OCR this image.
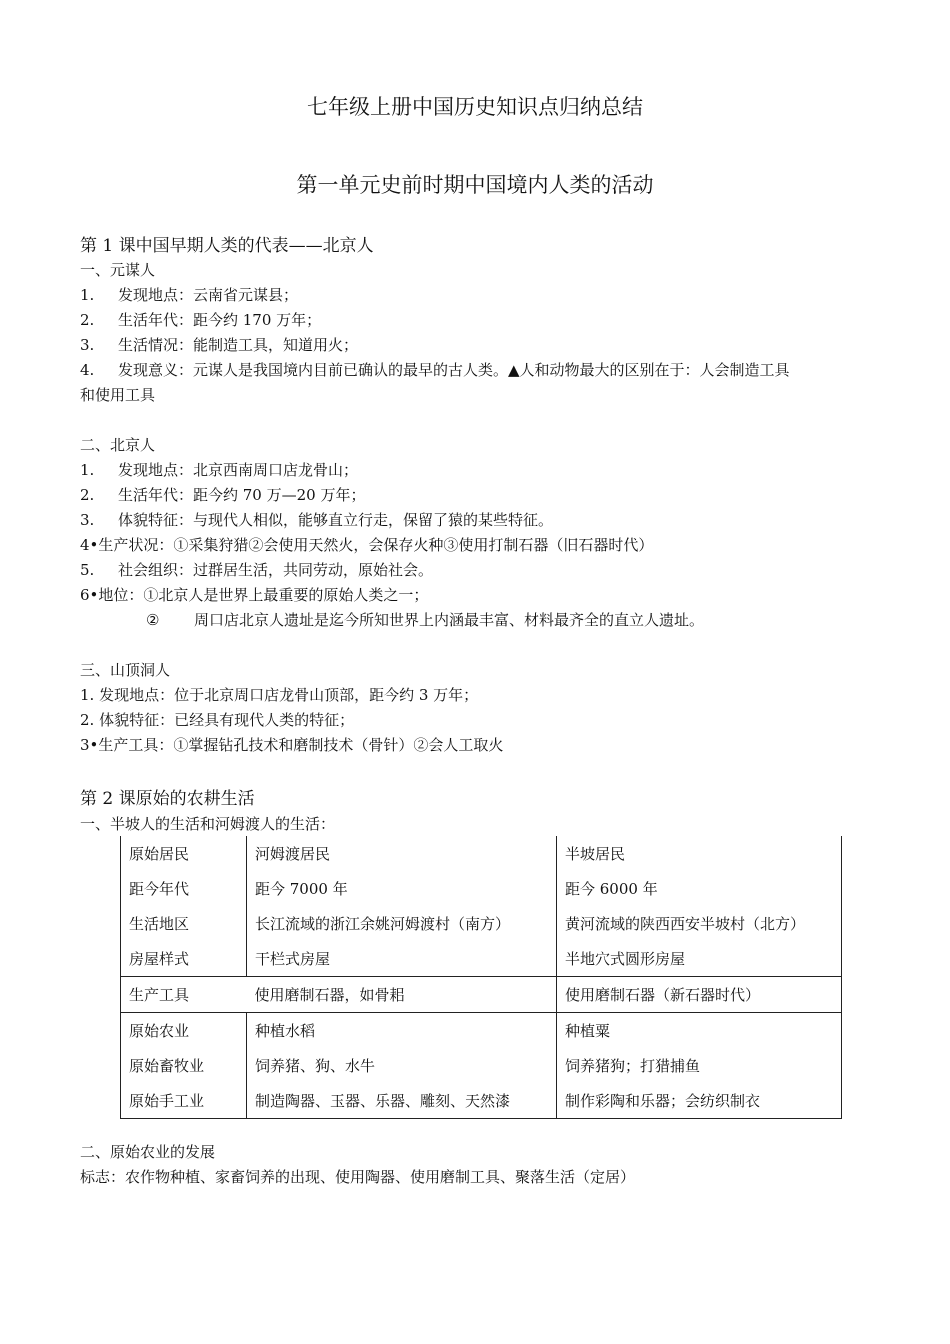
七年级上册中国历史知识点归纳总结
第一单元史前时期中国境内人类的活动
第 1 课中国早期人类的代表——北京人
一、元谋人
1. 发现地点：云南省元谋县；
2. 生活年代：距今约 170 万年；
3. 生活情况：能制造工具，知道用火；
4. 发现意义：元谋人是我国境内目前已确认的最早的古人类。▲人和动物最大的区别在于：人会制造工具
和使用工具
二、北京人
1. 发现地点：北京西南周口店龙骨山；
2. 生活年代：距今约 70 万—20 万年；
3. 体貌特征：与现代人相似，能够直立行走，保留了猿的某些特征。
4•生产状况：①采集狩猎②会使用天然火，会保存火种③使用打制石器（旧石器时代）
5. 社会组织：过群居生活，共同劳动，原始社会。
6•地位：①北京人是世界上最重要的原始人类之一；
② 周口店北京人遗址是迄今所知世界上内涵最丰富、材料最齐全的直立人遗址。
三、山顶洞人
1. 发现地点：位于北京周口店龙骨山顶部，距今约 3 万年；
2. 体貌特征：已经具有现代人类的特征；
3•生产工具：①掌握钻孔技术和磨制技术（骨针）②会人工取火
第 2 课原始的农耕生活
一、半坡人的生活和河姆渡人的生活：
原始居民	河姆渡居民	半坡居民
距今年代	距今 7000 年	距今 6000 年
生活地区	长江流域的浙江余姚河姆渡村（南方）	黄河流域的陕西西安半坡村（北方）
房屋样式	干栏式房屋	半地穴式圆形房屋
生产工具	使用磨制石器，如骨耜	使用磨制石器（新石器时代）
原始农业	种植水稻	种植粟
原始畜牧业	饲养猪、狗、水牛	饲养猪狗；打猎捕鱼
原始手工业	制造陶器、玉器、乐器、雕刻、天然漆	制作彩陶和乐器；会纺织制衣
二、原始农业的发展
标志：农作物种植、家畜饲养的出现、使用陶器、使用磨制工具、聚落生活（定居）
